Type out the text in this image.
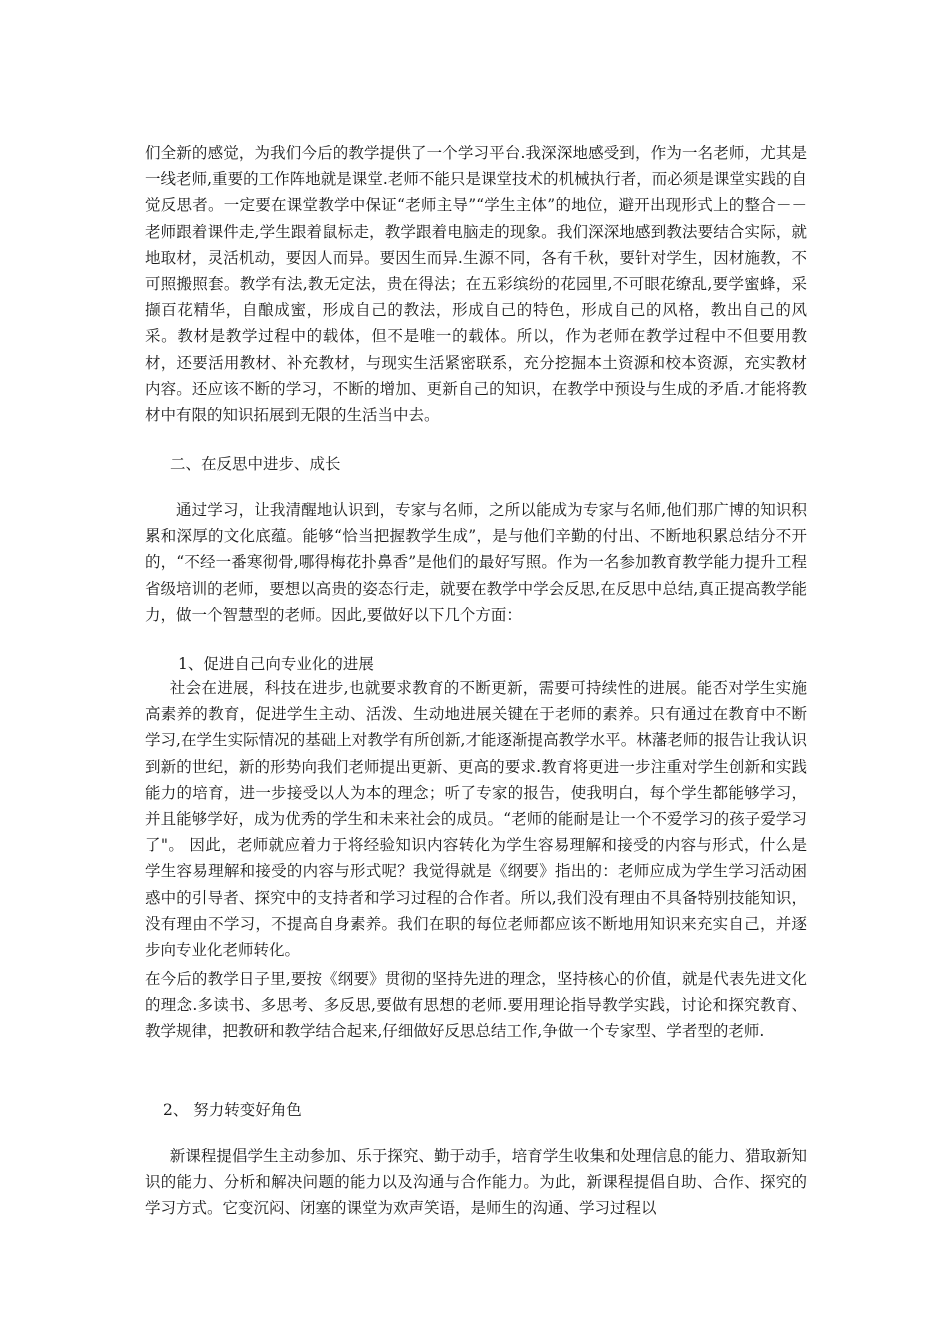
们全新的感觉，为我们今后的教学提供了一个学习平台.我深深地感受到，作为一名老师，尤其是一线老师,重要的工作阵地就是课堂.老师不能只是课堂技术的机械执行者，而必须是课堂实践的自觉反思者。一定要在课堂教学中保证“老师主导”“学生主体”的地位，避开出现形式上的整合－－老师跟着课件走,学生跟着鼠标走，教学跟着电脑走的现象。我们深深地感到教法要结合实际，就地取材，灵活机动，要因人而异。要因生而异.生源不同，各有千秋，要针对学生，因材施教，不可照搬照套。教学有法,教无定法，贵在得法；在五彩缤纷的花园里,不可眼花缭乱,要学蜜蜂，采撷百花精华，自酿成蜜，形成自己的教法，形成自己的特色，形成自己的风格，教出自己的风采。教材是教学过程中的载体，但不是唯一的载体。所以，作为老师在教学过程中不但要用教材，还要活用教材、补充教材，与现实生活紧密联系，充分挖掘本土资源和校本资源，充实教材内容。还应该不断的学习，不断的增加、更新自己的知识，在教学中预设与生成的矛盾.才能将教材中有限的知识拓展到无限的生活当中去。

二、在反思中进步、成长

通过学习，让我清醒地认识到，专家与名师，之所以能成为专家与名师,他们那广博的知识积累和深厚的文化底蕴。能够“恰当把握教学生成”，是与他们辛勤的付出、不断地积累总结分不开的，“不经一番寒彻骨,哪得梅花扑鼻香”是他们的最好写照。作为一名参加教育教学能力提升工程省级培训的老师，要想以高贵的姿态行走，就要在教学中学会反思,在反思中总结,真正提高教学能力，做一个智慧型的老师。因此,要做好以下几个方面：

1、促进自己向专业化的进展

社会在进展，科技在进步,也就要求教育的不断更新，需要可持续性的进展。能否对学生实施高素养的教育，促进学生主动、活泼、生动地进展关键在于老师的素养。只有通过在教育中不断学习,在学生实际情况的基础上对教学有所创新,才能逐渐提高教学水平。林藩老师的报告让我认识到新的世纪，新的形势向我们老师提出更新、更高的要求.教育将更进一步注重对学生创新和实践能力的培育，进一步接受以人为本的理念；听了专家的报告，使我明白，每个学生都能够学习，并且能够学好，成为优秀的学生和未来社会的成员。“老师的能耐是让一个不爱学习的孩子爱学习了"。 因此，老师就应着力于将经验知识内容转化为学生容易理解和接受的内容与形式，什么是学生容易理解和接受的内容与形式呢？我觉得就是《纲要》指出的：老师应成为学生学习活动困惑中的引导者、探究中的支持者和学习过程的合作者。所以,我们没有理由不具备特别技能知识，没有理由不学习，不提高自身素养。我们在职的每位老师都应该不断地用知识来充实自己，并逐步向专业化老师转化。

在今后的教学日子里,要按《纲要》贯彻的坚持先进的理念，坚持核心的价值，就是代表先进文化的理念.多读书、多思考、多反思,要做有思想的老师.要用理论指导教学实践，讨论和探究教育、教学规律，把教研和教学结合起来,仔细做好反思总结工作,争做一个专家型、学者型的老师.

2、 努力转变好角色

新课程提倡学生主动参加、乐于探究、勤于动手，培育学生收集和处理信息的能力、猎取新知识的能力、分析和解决问题的能力以及沟通与合作能力。为此，新课程提倡自助、合作、探究的学习方式。它变沉闷、闭塞的课堂为欢声笑语，是师生的沟通、学习过程以
